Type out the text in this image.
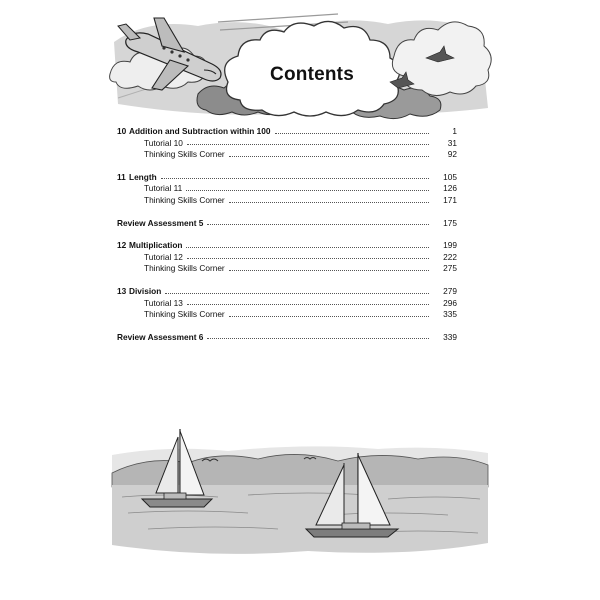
Contents
10 Addition and Subtraction within 100	1
Tutorial 10	31
Thinking Skills Corner	92
11 Length	105
Tutorial 11	126
Thinking Skills Corner	171
Review Assessment 5	175
12 Multiplication	199
Tutorial 12	222
Thinking Skills Corner	275
13 Division	279
Tutorial 13	296
Thinking Skills Corner	335
Review Assessment 6	339
